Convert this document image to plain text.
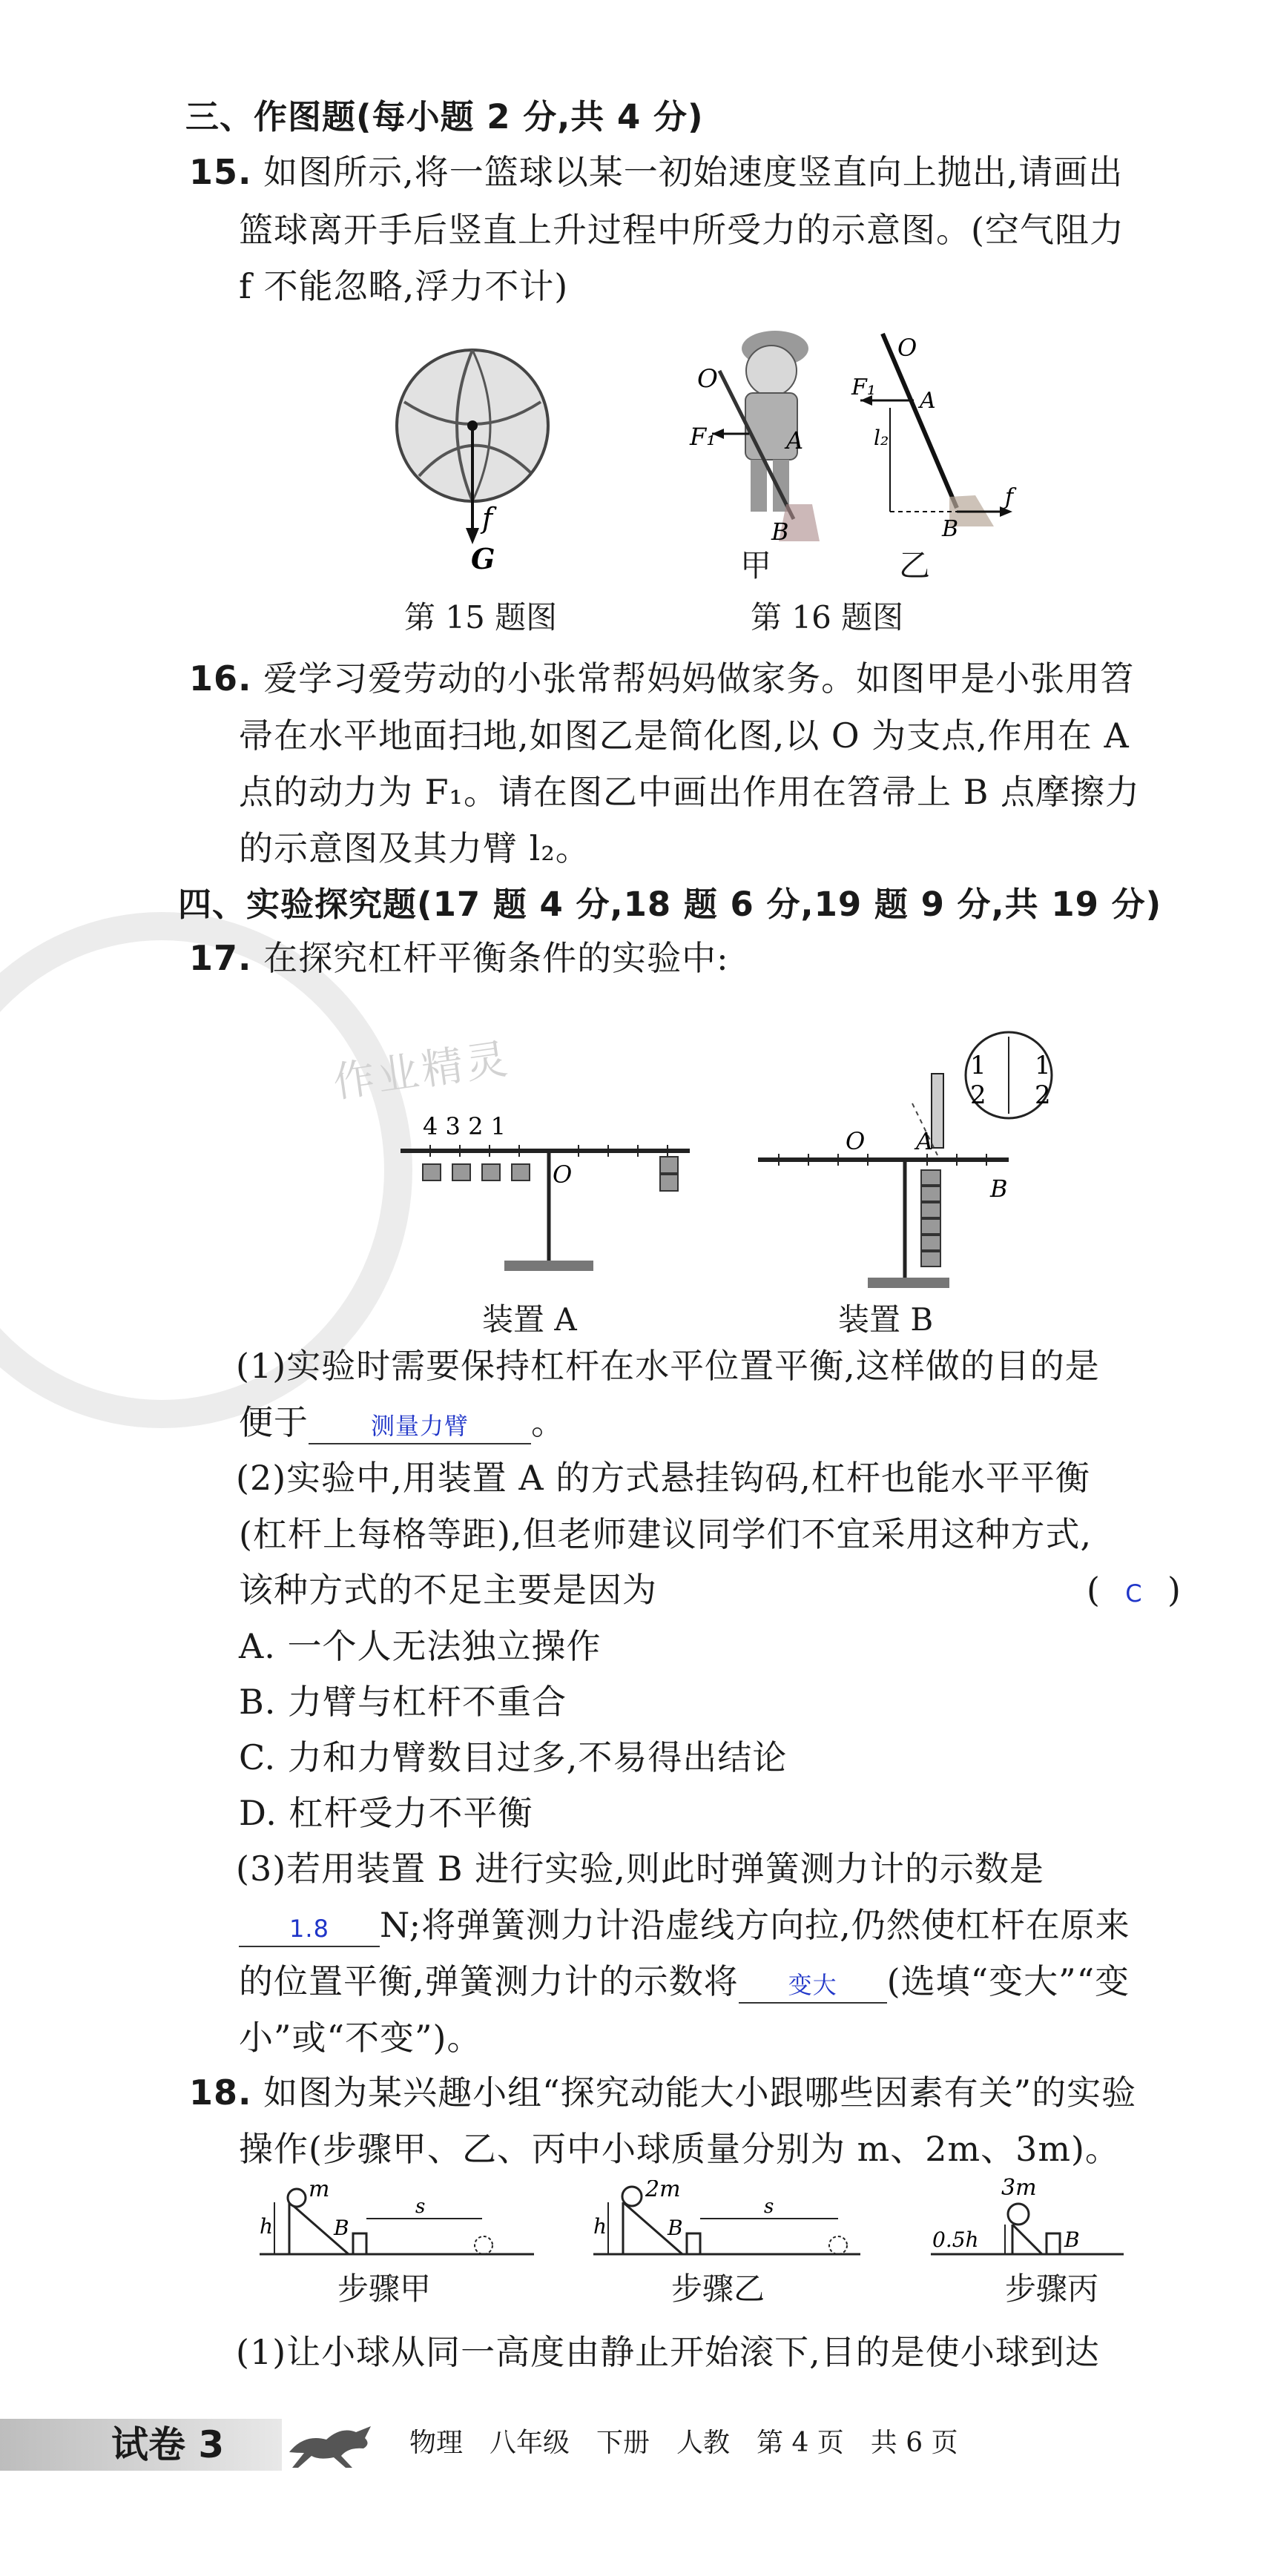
作业精灵
三、作图题(每小题 2 分,共 4 分)
15. 如图所示,将一篮球以某一初始速度竖直向上抛出,请画出
篮球离开手后竖直上升过程中所受力的示意图。(空气阻力
f 不能忽略,浮力不计)
f
G
第 15 题图
O
F₁	A
B
甲
O
F₁
A
l₂
B
f
乙
第 16 题图
16. 爱学习爱劳动的小张常帮妈妈做家务。如图甲是小张用笤
帚在水平地面扫地,如图乙是简化图,以 O 为支点,作用在 A
点的动力为 F₁。请在图乙中画出作用在笤帚上 B 点摩擦力
的示意图及其力臂 l₂。
四、实验探究题(17 题 4 分,18 题 6 分,19 题 9 分,共 19 分)
17. 在探究杠杆平衡条件的实验中:
4 3 2 1
O
装置 A
1 1
2 2
O A
B
装置 B
(1)实验时需要保持杠杆在水平位置平衡,这样做的目的是
便于	测量力臂 。
(2)实验中,用装置 A 的方式悬挂钩码,杠杆也能水平平衡
(杠杆上每格等距),但老师建议同学们不宜采用这种方式,
该种方式的不足主要是因为	( C )
A. 一个人无法独立操作
B. 力臂与杠杆不重合
C. 力和力臂数目过多,不易得出结论
D. 杠杆受力不平衡
(3)若用装置 B 进行实验,则此时弹簧测力计的示数是
1.8 N;将弹簧测力计沿虚线方向拉,仍然使杠杆在原来
的位置平衡,弹簧测力计的示数将 变大 (选填“变大”“变
小”或“不变”)。
18. 如图为某兴趣小组“探究动能大小跟哪些因素有关”的实验
操作(步骤甲、乙、丙中小球质量分别为 m、2m、3m)。
m
h	B
s
步骤甲
2m
h	B
s
步骤乙
3m
0.5h	B
步骤丙
(1)让小球从同一高度由静止开始滚下,目的是使小球到达
试卷 3	物理　八年级　下册　人教　第 4 页　共 6 页
